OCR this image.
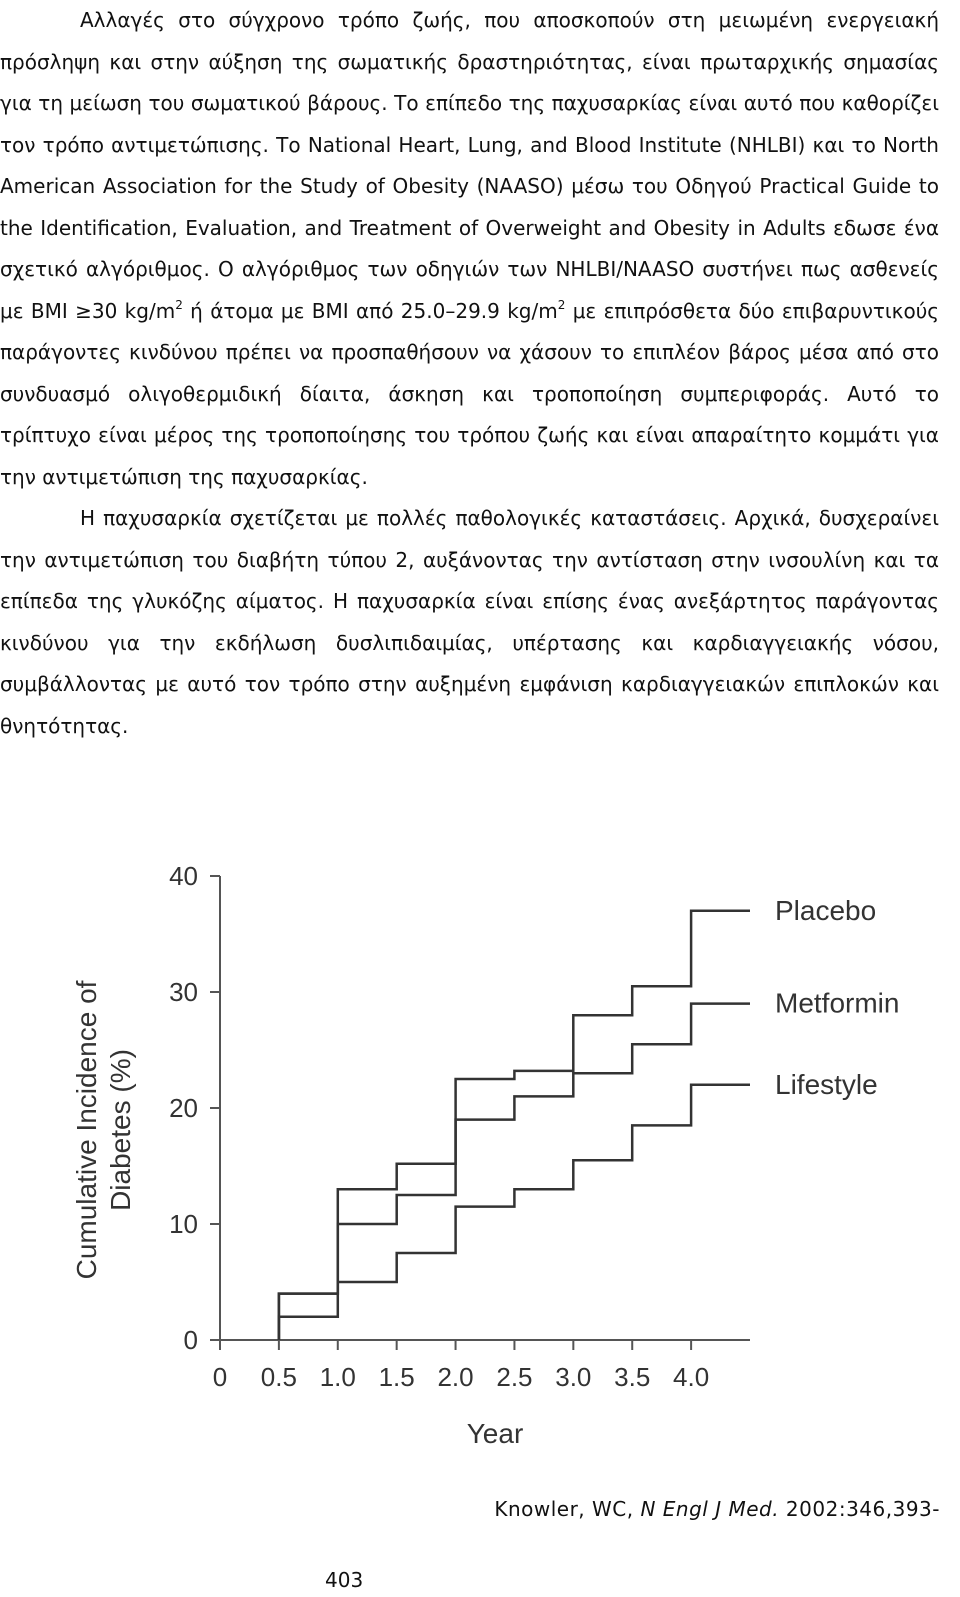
Αλλαγές στο σύγχρονο τρόπο ζωής, που αποσκοπούν στη μειωμένη ενεργειακή πρόσληψη και στην αύξηση της σωματικής δραστηριότητας, είναι πρωταρχικής σημασίας για τη μείωση του σωματικού βάρους. Το επίπεδο της παχυσαρκίας είναι αυτό που καθορίζει τον τρόπο αντιμετώπισης. Το National Heart, Lung, and Blood Institute (NHLBI) και το North American Association for the Study of Obesity (NAASO) μέσω του Οδηγού Practical Guide to the Identification, Evaluation, and Treatment of Overweight and Obesity in Adults εδωσε ένα σχετικό αλγόριθμος. Ο αλγόριθμος των οδηγιών των NHLBI/NAASO συστήνει πως ασθενείς με BMI ≥30 $kg/m^2$ ή άτομα με BMI από 25.0–29.9 $kg/m^2$ με επιπρόσθετα δύο επιβαρυντικούς παράγοντες κινδύνου πρέπει να προσπαθήσουν να χάσουν το επιπλέον βάρος μέσα από στο συνδυασμό ολιγοθερμιδική δίαιτα, άσκηση και τροποποίηση συμπεριφοράς. Αυτό το τρίπτυχο είναι μέρος της τροποποίησης του τρόπου ζωής και είναι απαραίτητο κομμάτι για την αντιμετώπιση της παχυσαρκίας.

Η παχυσαρκία σχετίζεται με πολλές παθολογικές καταστάσεις. Αρχικά, δυσχεραίνει την αντιμετώπιση του διαβήτη τύπου 2, αυξάνοντας την αντίσταση στην ινσουλίνη και τα επίπεδα της γλυκόζης αίματος. Η παχυσαρκία είναι επίσης ένας ανεξάρτητος παράγοντας κινδύνου για την εκδήλωση δυσλιπιδαιμίας, υπέρτασης και καρδιαγγειακής νόσου, συμβάλλοντας με αυτό τον τρόπο στην αυξημένη εμφάνιση καρδιαγγειακών επιπλοκών και θνητότητας.

0
10
20
30
40
0 0.5 1.0 1.5 2.0 2.5 3.0 3.5 4.0
Year
Cumulative Incidence of Diabetes (%)
Placebo
Metformin
Lifestyle
Knowler, WC, N Engl J Med. 2002:346,393-
403
